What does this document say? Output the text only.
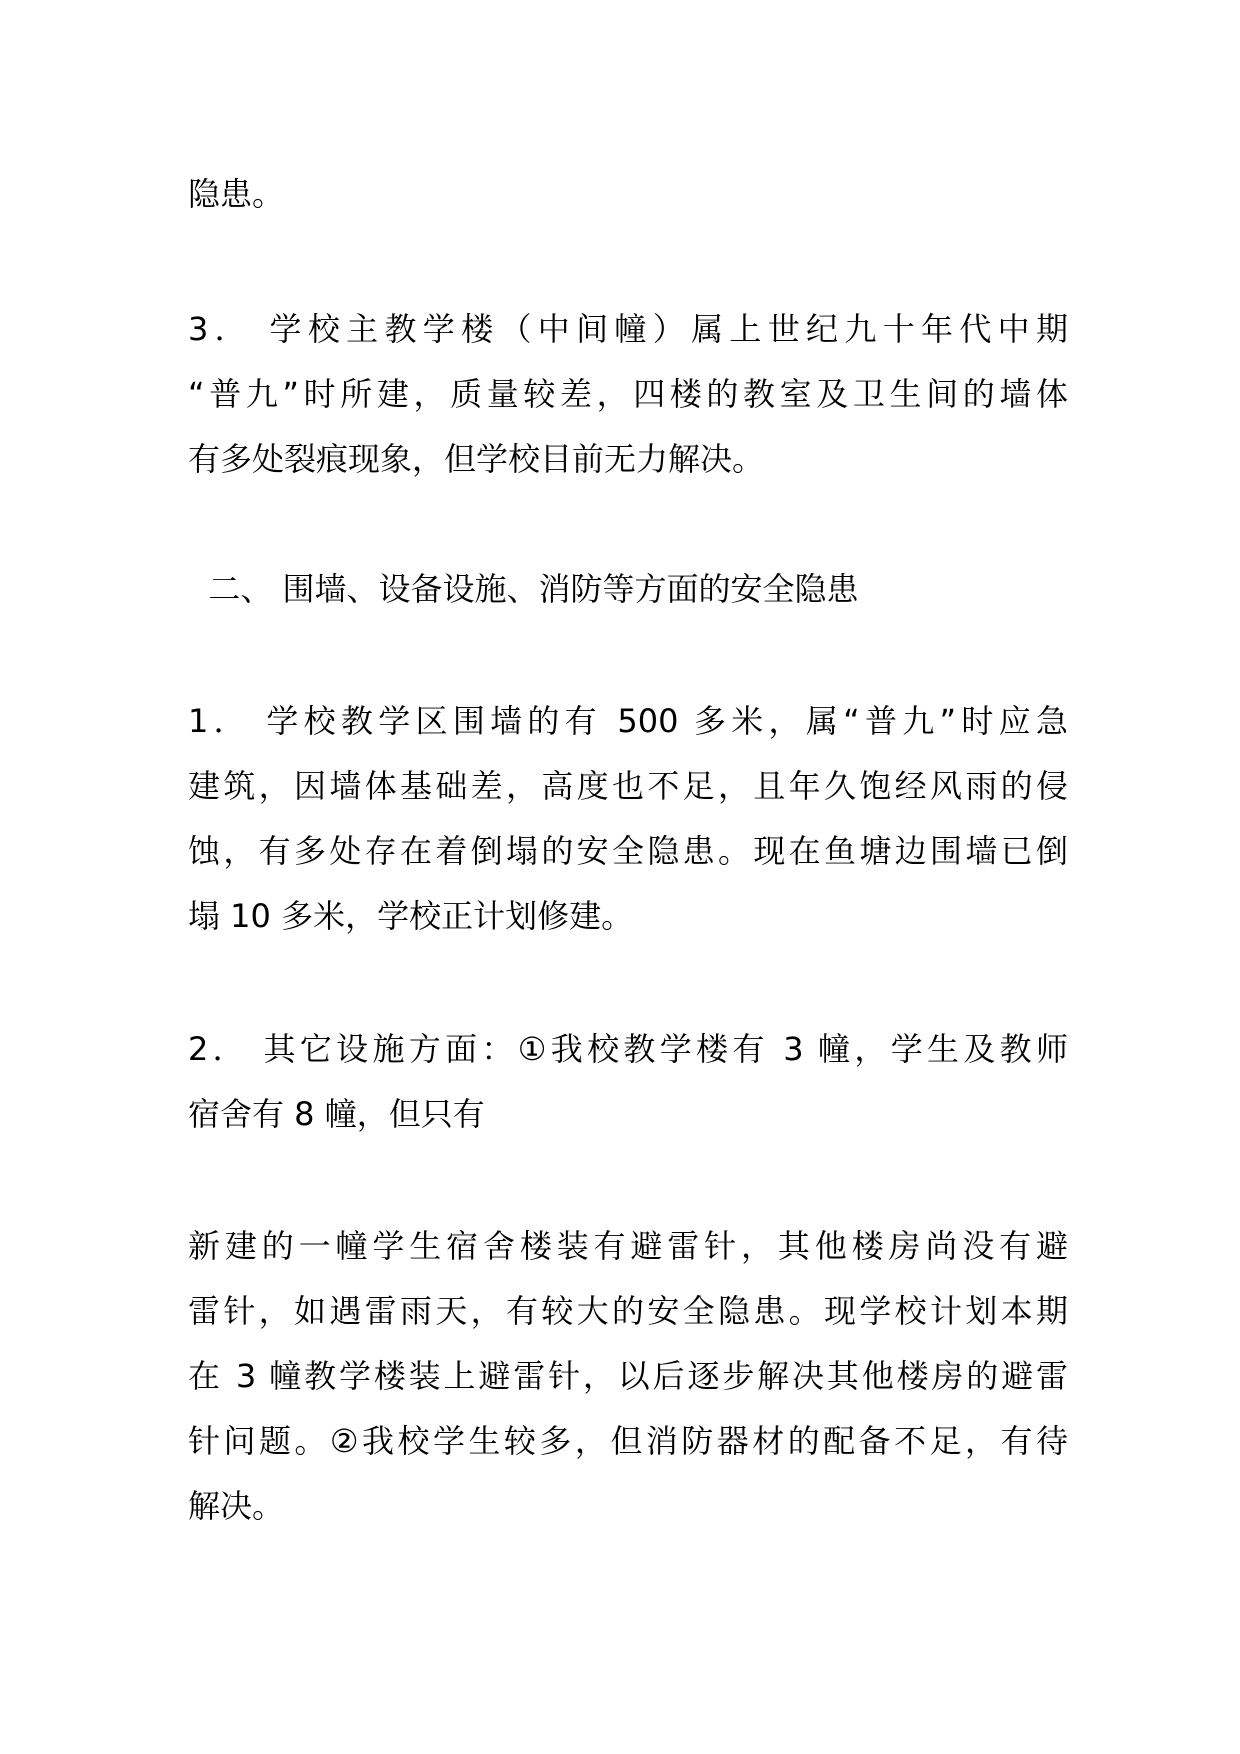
隐患。
3． 学校主教学楼（中间幢）属上世纪九十年代中期
“普九”时所建，质量较差，四楼的教室及卫生间的墙体
有多处裂痕现象，但学校目前无力解决。
二、 围墙、设备设施、消防等方面的安全隐患
1． 学校教学区围墙的有 500 多米，属“普九”时应急
建筑，因墙体基础差，高度也不足，且年久饱经风雨的侵
蚀，有多处存在着倒塌的安全隐患。现在鱼塘边围墙已倒
塌 10 多米，学校正计划修建。
2． 其它设施方面：①我校教学楼有 3 幢，学生及教师
宿舍有 8 幢，但只有
新建的一幢学生宿舍楼装有避雷针，其他楼房尚没有避
雷针，如遇雷雨天，有较大的安全隐患。现学校计划本期
在 3 幢教学楼装上避雷针，以后逐步解决其他楼房的避雷
针问题。②我校学生较多，但消防器材的配备不足，有待
解决。
